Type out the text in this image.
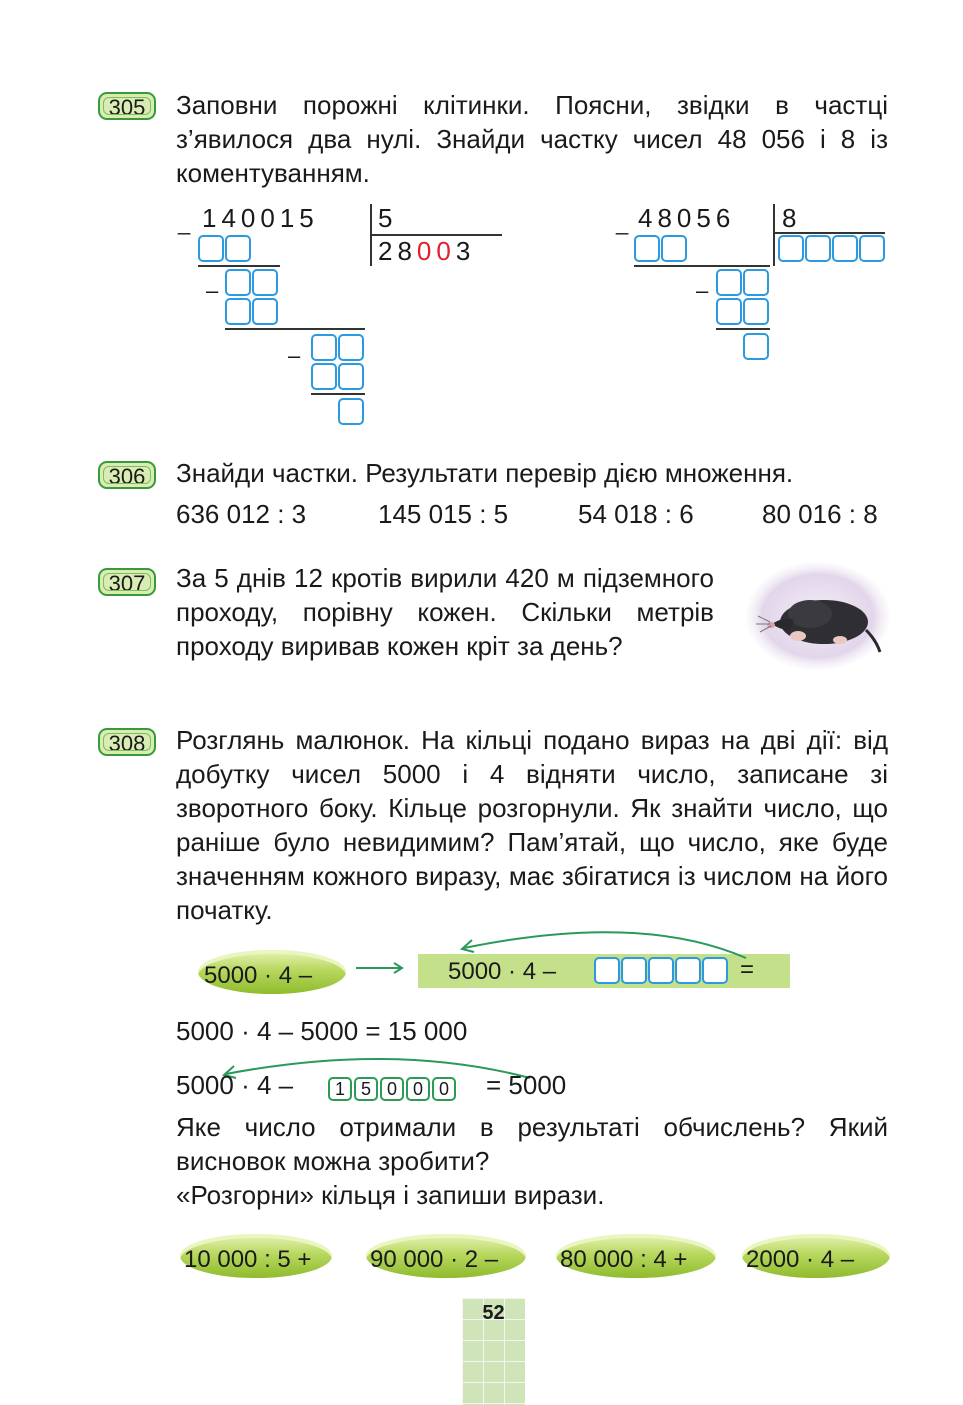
305	Заповни порожні клітинки. Поясни, звідки в частці з’явилося два нулі. Знайди частку чисел 48 056 і 8 із коментуванням.
_ 140015 5
28003
–
–
_ 48056 8
–
306	Знайди частки. Результати перевір дією множення.
636 012 : 3	145 015 : 5	54 018 : 6	80 016 : 8
307	За 5 днів 12 кротів вирили 420 м підземного проходу, порівну кожен. Скільки метрів проходу виривав кожен кріт за день?
308	Розглянь малюнок. На кільці подано вираз на дві дії: від добутку чисел 5000 і 4 відняти число, записане зі зворотного боку. Кільце розгорнули. Як знайти число, що раніше було невидимим? Пам’ятай, що число, яке буде значенням кожного виразу, має збігатися із числом на його початку.
5000 · 4 –	5000 · 4 –	=
5000 · 4 – 5000 = 15 000
5000 · 4 –	= 5000
1 5 0 0 0
Яке число отримали в результаті обчислень? Який висновок можна зробити?
«Розгорни» кільця і запиши вирази.
10 000 : 5 + 90 000 · 2 –	80 000 : 4 + 2000 · 4 –
52
